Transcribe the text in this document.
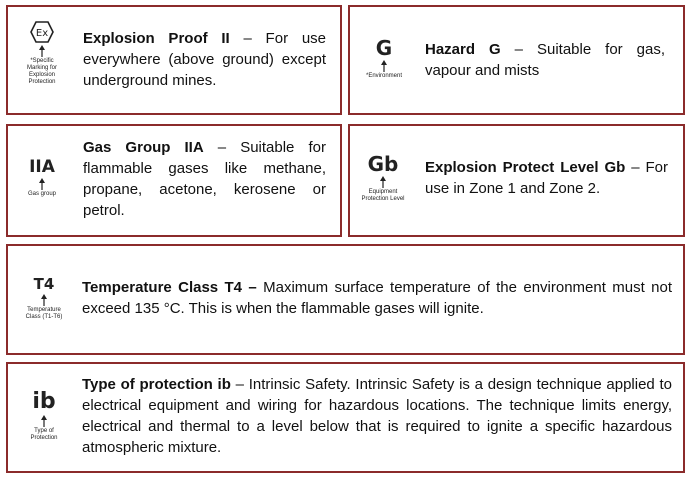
Ex
*Specific Marking for Explosion Protection
Explosion Proof II – For use everywhere (above ground) except underground mines.
G
*Environment
Hazard G – Suitable for gas, vapour and mists
IIA
Gas group
Gas Group IIA – Suitable for flammable gases like methane, propane, acetone, kerosene or petrol.
Gb
Equipment Protection Level
Explosion Protect Level Gb – For use in Zone 1 and Zone 2.
T4
Temperature Class (T1-T6)
Temperature Class T4 – Maximum surface temperature of the environment must not exceed 135 °C. This is when the flammable gases will ignite.
ib
Type of Protection
Type of protection ib – Intrinsic Safety. Intrinsic Safety is a design technique applied to electrical equipment and wiring for hazardous locations. The technique limits energy, electrical and thermal to a level below that is required to ignite a specific hazardous atmospheric mixture.
